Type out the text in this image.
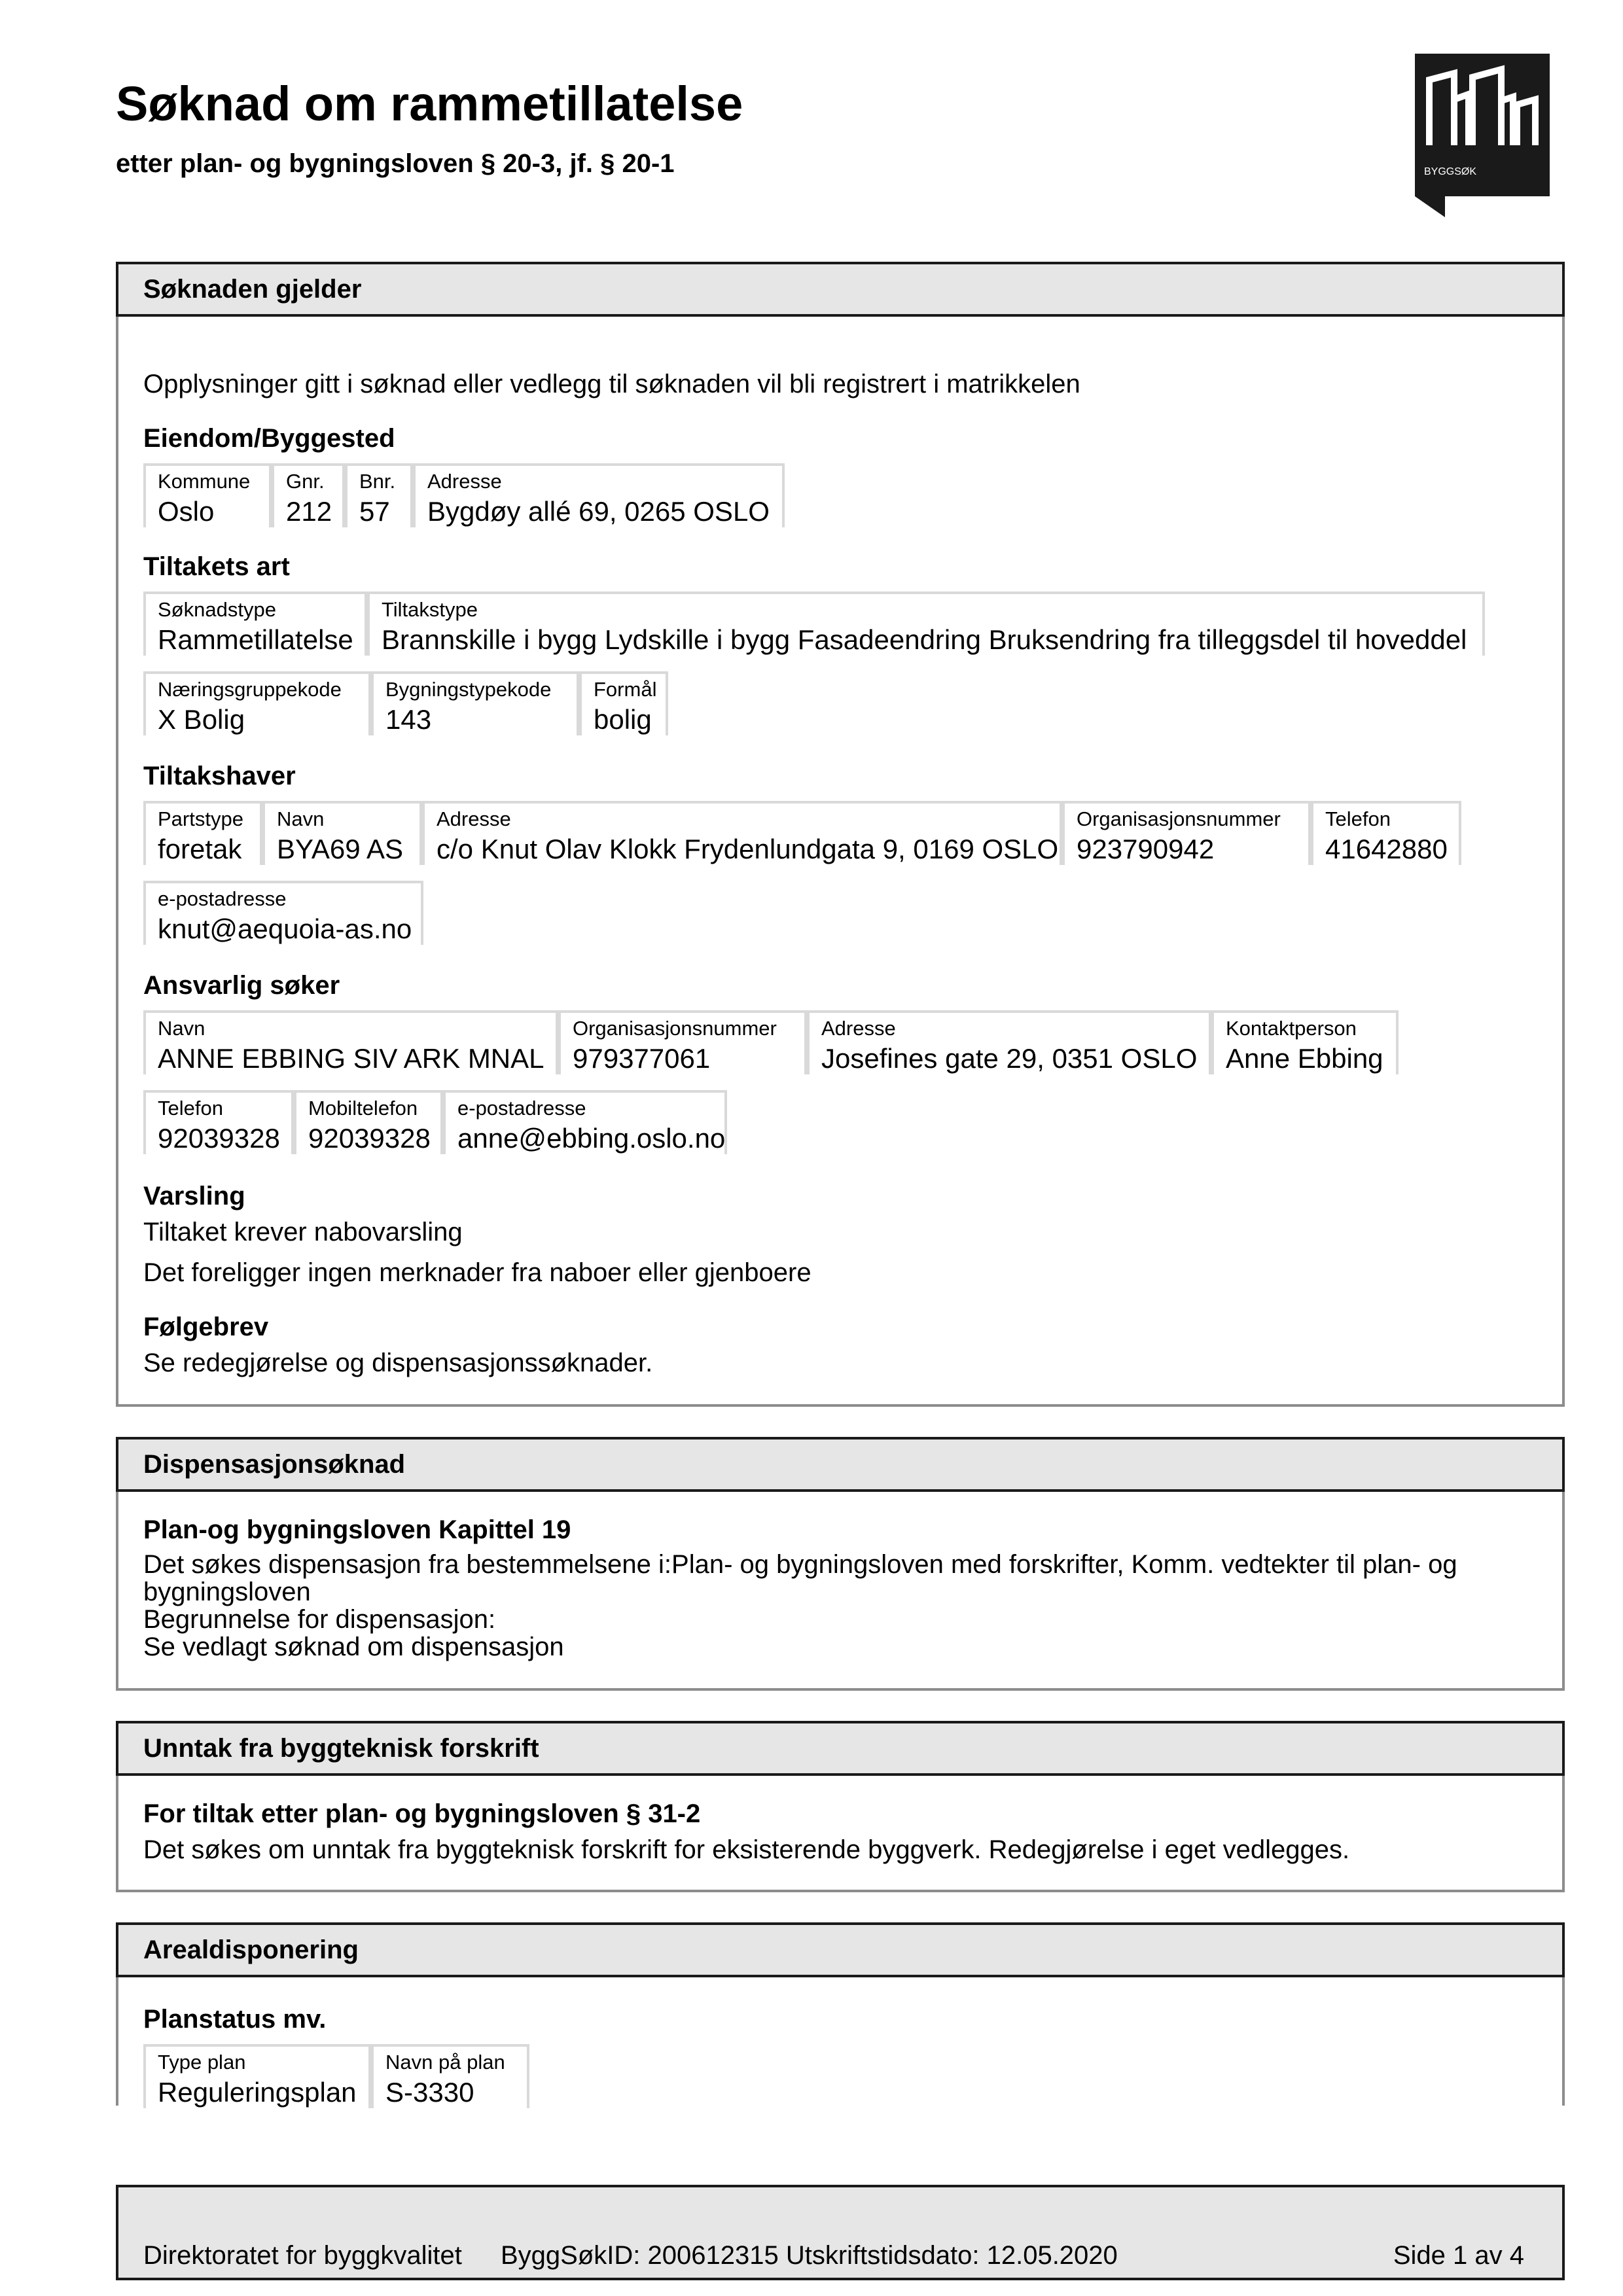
Søknad om rammetillatelse
etter plan- og bygningsloven § 20-3, jf. § 20-1	BYGGSØK
Søknaden gjelder
Opplysninger gitt i søknad eller vedlegg til søknaden vil bli registrert i matrikkelen
Eiendom/Byggested
Kommune
Oslo
Gnr.
212
Bnr.
57
Adresse
Bygdøy allé 69, 0265 OSLO
Tiltakets art
Søknadstype
Rammetillatelse
Tiltakstype
Brannskille i bygg Lydskille i bygg Fasadeendring Bruksendring fra tilleggsdel til hoveddel
Næringsgruppekode
X Bolig
Bygningstypekode
143
Formål
bolig
Tiltakshaver
Partstype
foretak
Navn
BYA69 AS
Adresse
c/o Knut Olav Klokk Frydenlundgata 9, 0169 OSLO
Organisasjonsnummer
923790942
Telefon
41642880
e-postadresse
knut@aequoia-as.no
Ansvarlig søker
Navn
ANNE EBBING SIV ARK MNAL
Organisasjonsnummer
979377061
Adresse
Josefines gate 29, 0351 OSLO
Kontaktperson
Anne Ebbing
Telefon
92039328
Mobiltelefon
92039328
e-postadresse
anne@ebbing.oslo.no
Varsling
Tiltaket krever nabovarsling
Det foreligger ingen merknader fra naboer eller gjenboere
Følgebrev
Se redegjørelse og dispensasjonssøknader.
Dispensasjonsøknad
Plan-og bygningsloven Kapittel 19
Det søkes dispensasjon fra bestemmelsene i:Plan- og bygningsloven med forskrifter, Komm. vedtekter til plan- og
bygningsloven
Begrunnelse for dispensasjon:
Se vedlagt søknad om dispensasjon
Unntak fra byggteknisk forskrift
For tiltak etter plan- og bygningsloven § 31-2
Det søkes om unntak fra byggteknisk forskrift for eksisterende byggverk. Redegjørelse i eget vedlegges.
Arealdisponering
Planstatus mv.
Type plan
Reguleringsplan
Navn på plan
S-3330
Direktoratet for byggkvalitet ByggSøkID: 200612315 Utskriftstidsdato: 12.05.2020	Side 1 av 4
